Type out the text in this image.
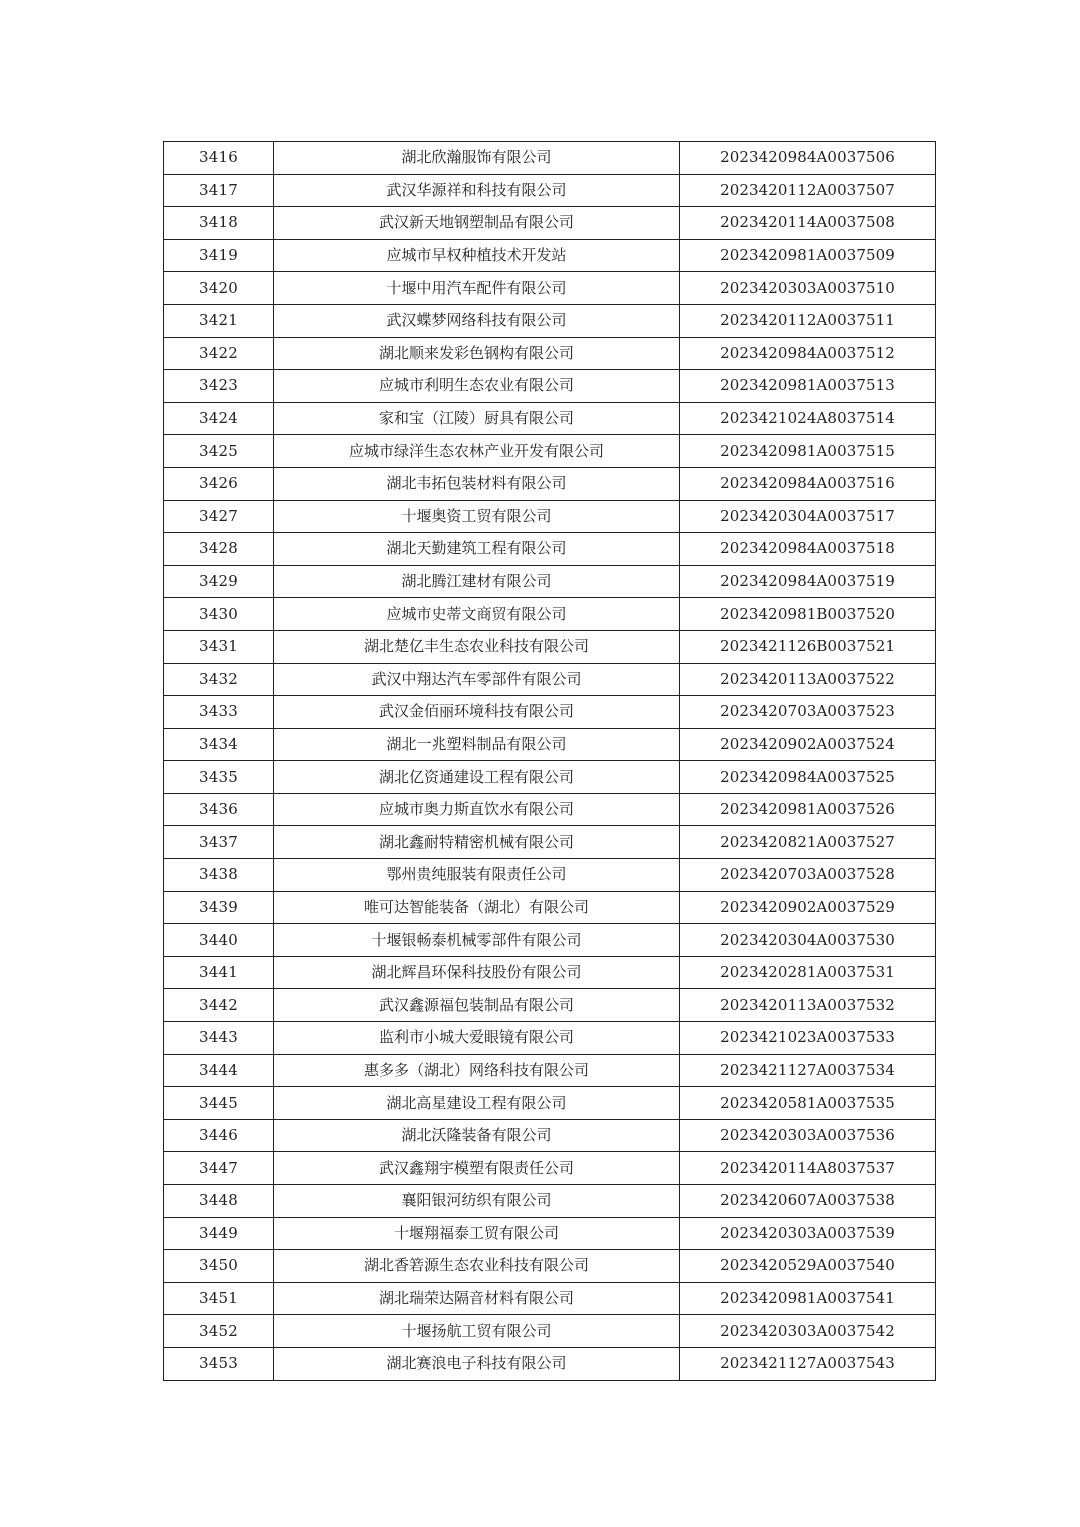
3416	湖北欣瀚服饰有限公司	2023420984A0037506
3417	武汉华源祥和科技有限公司	2023420112A0037507
3418	武汉新天地钢塑制品有限公司	2023420114A0037508
3419	应城市早权种植技术开发站	2023420981A0037509
3420	十堰中用汽车配件有限公司	2023420303A0037510
3421	武汉蝶梦网络科技有限公司	2023420112A0037511
3422	湖北顺来发彩色钢构有限公司	2023420984A0037512
3423	应城市利明生态农业有限公司	2023420981A0037513
3424	家和宝（江陵）厨具有限公司	2023421024A8037514
3425	应城市绿洋生态农林产业开发有限公司	2023420981A0037515
3426	湖北韦拓包装材料有限公司	2023420984A0037516
3427	十堰奥资工贸有限公司	2023420304A0037517
3428	湖北天勤建筑工程有限公司	2023420984A0037518
3429	湖北腾江建材有限公司	2023420984A0037519
3430	应城市史蒂文商贸有限公司	2023420981B0037520
3431	湖北楚亿丰生态农业科技有限公司	2023421126B0037521
3432	武汉中翔达汽车零部件有限公司	2023420113A0037522
3433	武汉金佰丽环境科技有限公司	2023420703A0037523
3434	湖北一兆塑料制品有限公司	2023420902A0037524
3435	湖北亿资通建设工程有限公司	2023420984A0037525
3436	应城市奥力斯直饮水有限公司	2023420981A0037526
3437	湖北鑫耐特精密机械有限公司	2023420821A0037527
3438	鄂州贵纯服装有限责任公司	2023420703A0037528
3439	唯可达智能装备（湖北）有限公司	2023420902A0037529
3440	十堰银畅泰机械零部件有限公司	2023420304A0037530
3441	湖北辉昌环保科技股份有限公司	2023420281A0037531
3442	武汉鑫源福包装制品有限公司	2023420113A0037532
3443	监利市小城大爱眼镜有限公司	2023421023A0037533
3444	惠多多（湖北）网络科技有限公司	2023421127A0037534
3445	湖北高星建设工程有限公司	2023420581A0037535
3446	湖北沃隆装备有限公司	2023420303A0037536
3447	武汉鑫翔宇模塑有限责任公司	2023420114A8037537
3448	襄阳银河纺织有限公司	2023420607A0037538
3449	十堰翔福泰工贸有限公司	2023420303A0037539
3450	湖北香箬源生态农业科技有限公司	2023420529A0037540
3451	湖北瑞荣达隔音材料有限公司	2023420981A0037541
3452	十堰扬航工贸有限公司	2023420303A0037542
3453	湖北赛浪电子科技有限公司	2023421127A0037543
